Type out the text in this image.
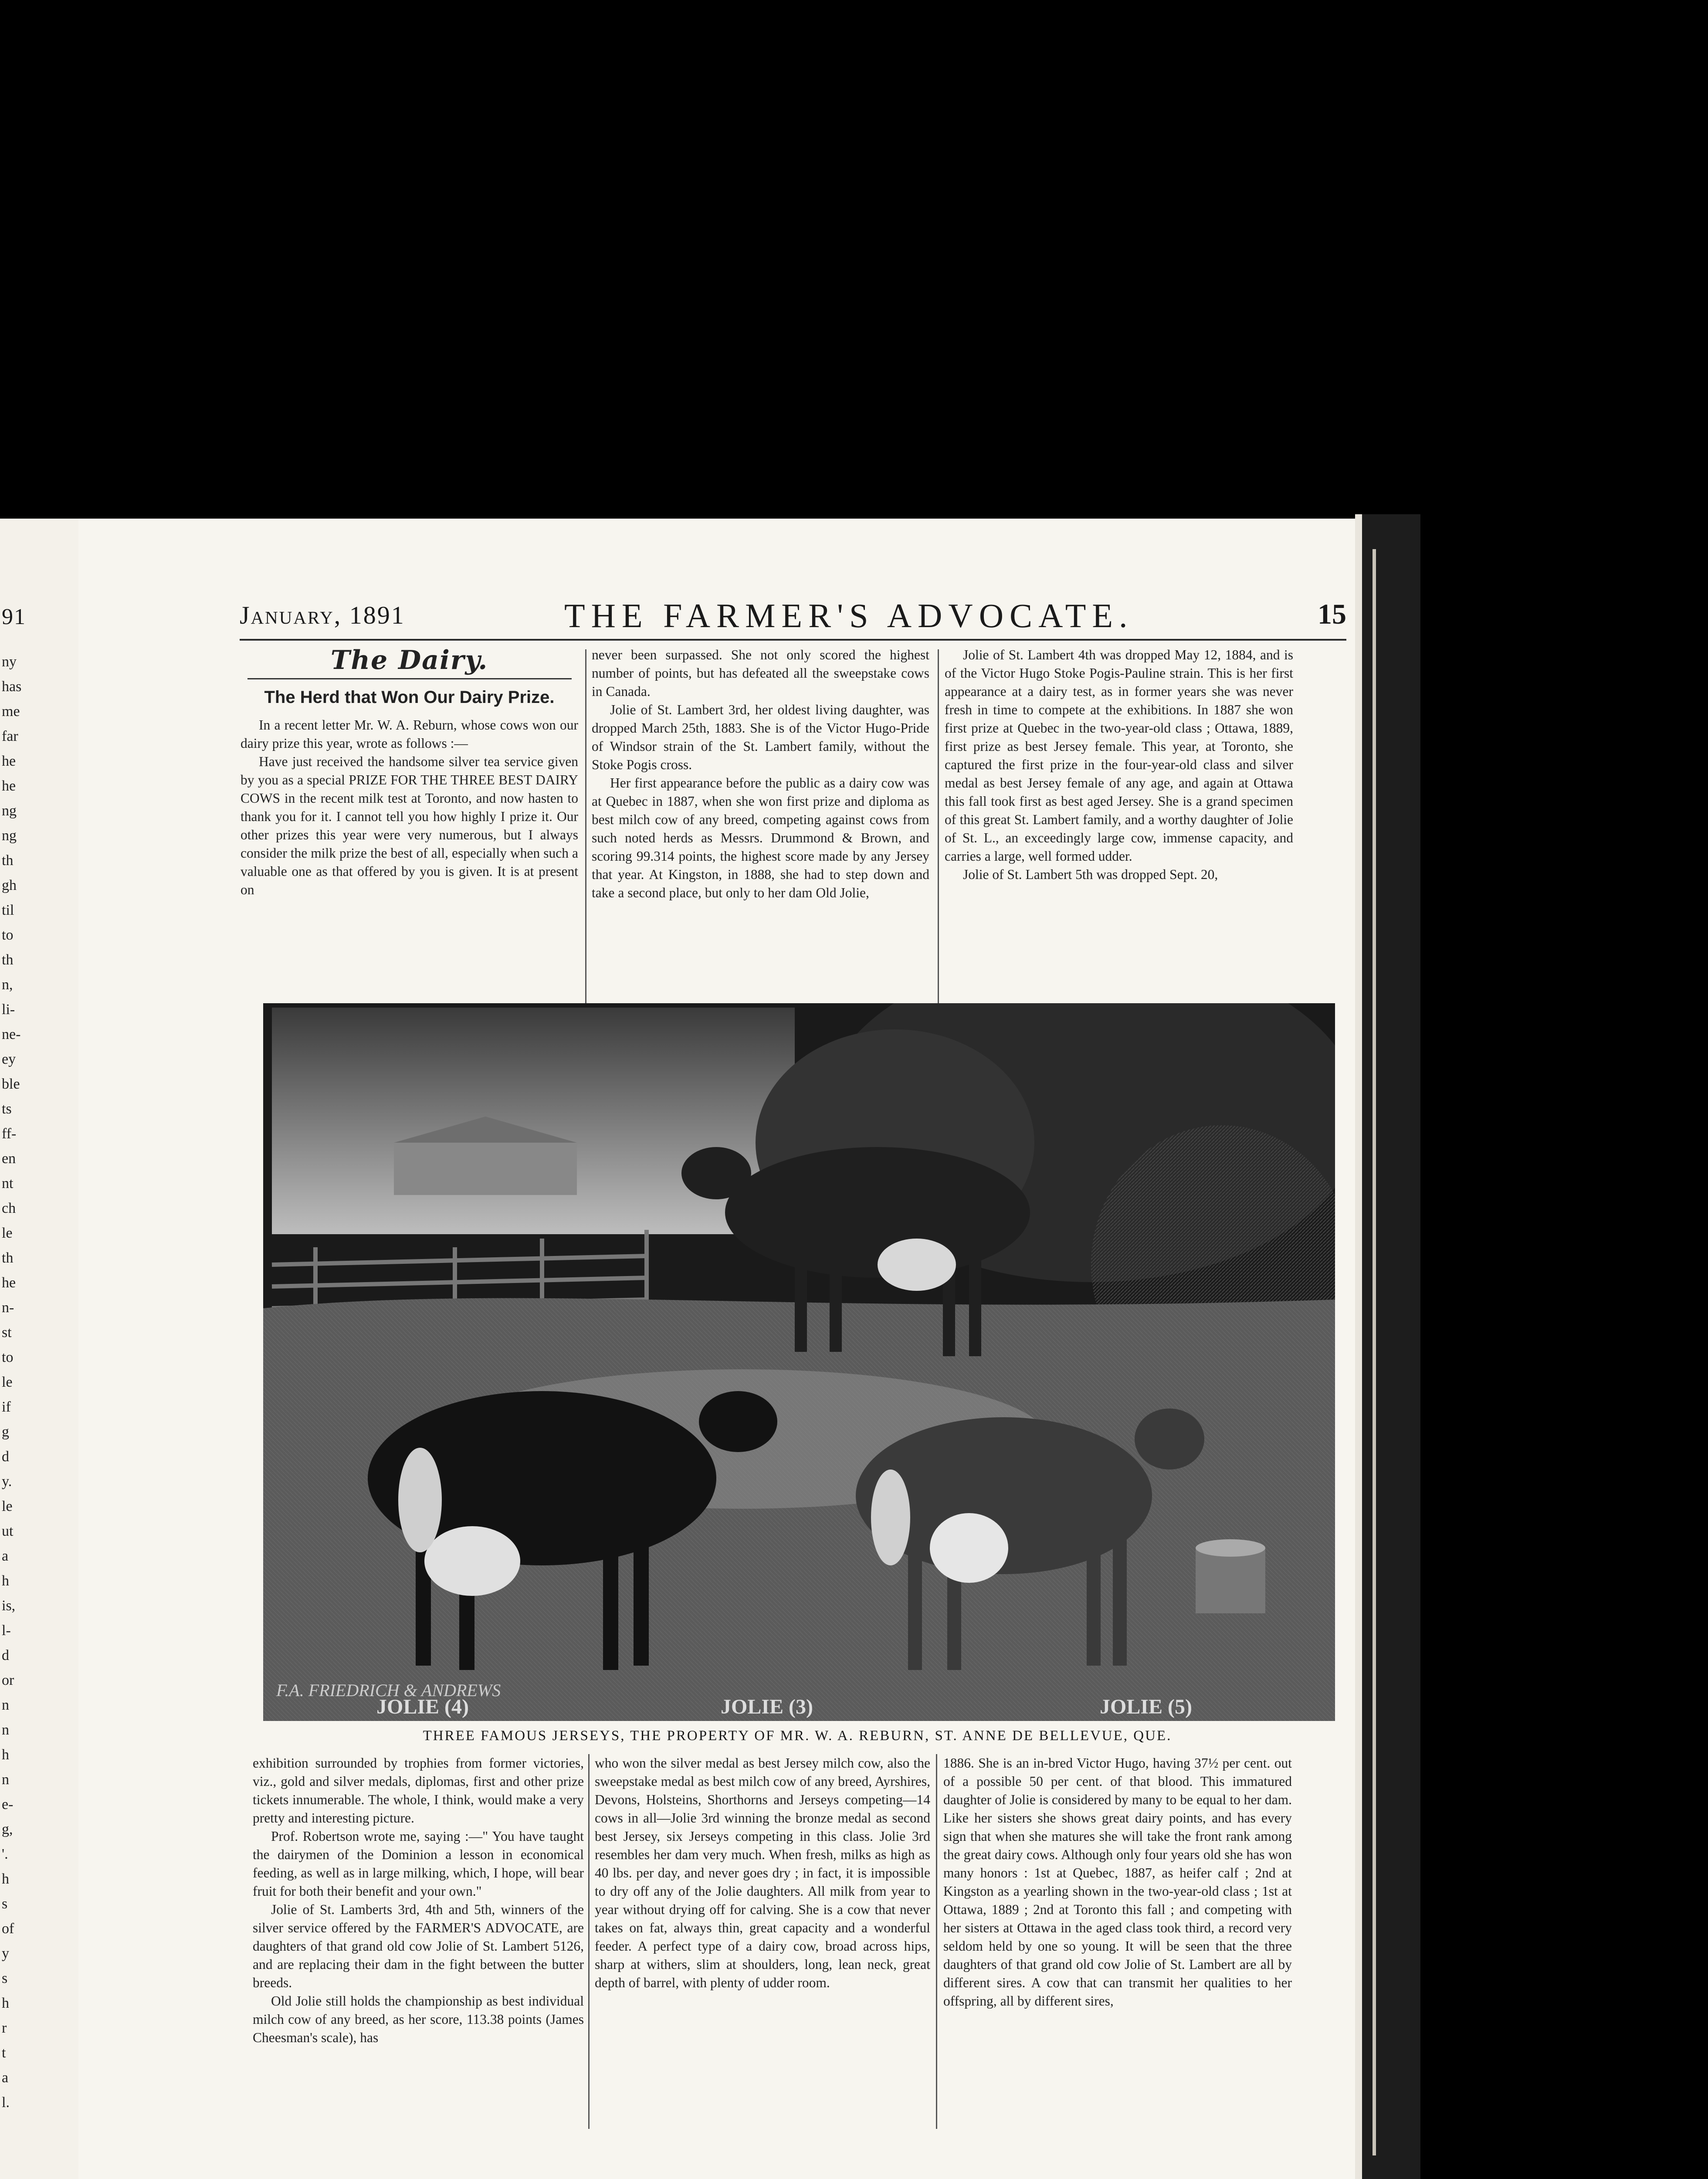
91
ny
has
me
far
he
he
ng
ng
th
gh
til
to
th
n,
li-
ne-
ey
ble
ts
ff-
en
nt
ch
le
th
he
n-
st
to
le
if
g
d
y.
le
ut
a
h
is,
l-
d
or
n
n
h
n
e-
g,
'.
h
s
of
y
s
h
r
t
a
l.
January, 1891	THE FARMER'S ADVOCATE.	15
The Dairy.
The Herd that Won Our Dairy Prize.

In a recent letter Mr. W. A. Reburn, whose cows won our dairy prize this year, wrote as follows :—

Have just received the handsome silver tea service given by you as a special PRIZE FOR THE THREE BEST DAIRY COWS in the recent milk test at Toronto, and now hasten to thank you for it. I cannot tell you how highly I prize it. Our other prizes this year were very numerous, but I always consider the milk prize the best of all, especially when such a valuable one as that offered by you is given. It is at present on

never been surpassed. She not only scored the highest number of points, but has defeated all the sweepstake cows in Canada.

Jolie of St. Lambert 3rd, her oldest living daughter, was dropped March 25th, 1883. She is of the Victor Hugo-Pride of Windsor strain of the St. Lambert family, without the Stoke Pogis cross.

Her first appearance before the public as a dairy cow was at Quebec in 1887, when she won first prize and diploma as best milch cow of any breed, competing against cows from such noted herds as Messrs. Drummond & Brown, and scoring 99.314 points, the highest score made by any Jersey that year. At Kingston, in 1888, she had to step down and take a second place, but only to her dam Old Jolie,

Jolie of St. Lambert 4th was dropped May 12, 1884, and is of the Victor Hugo Stoke Pogis-Pauline strain. This is her first appearance at a dairy test, as in former years she was never fresh in time to compete at the exhibitions. In 1887 she won first prize at Quebec in the two-year-old class ; Ottawa, 1889, first prize as best Jersey female. This year, at Toronto, she captured the first prize in the four-year-old class and silver medal as best Jersey female of any age, and again at Ottawa this fall took first as best aged Jersey. She is a grand specimen of this great St. Lambert family, and a worthy daughter of Jolie of St. L., an exceedingly large cow, immense capacity, and carries a large, well formed udder.

Jolie of St. Lambert 5th was dropped Sept. 20,

F.A. FRIEDRICH & ANDREWS
JOLIE (4)	JOLIE (3)	JOLIE (5)
THREE FAMOUS JERSEYS, THE PROPERTY OF MR. W. A. REBURN, ST. ANNE DE BELLEVUE, QUE.

exhibition surrounded by trophies from former victories, viz., gold and silver medals, diplomas, first and other prize tickets innumerable. The whole, I think, would make a very pretty and interesting picture.

Prof. Robertson wrote me, saying :—" You have taught the dairymen of the Dominion a lesson in economical feeding, as well as in large milking, which, I hope, will bear fruit for both their benefit and your own."

Jolie of St. Lamberts 3rd, 4th and 5th, winners of the silver service offered by the FARMER'S ADVOCATE, are daughters of that grand old cow Jolie of St. Lambert 5126, and are replacing their dam in the fight between the butter breeds.

Old Jolie still holds the championship as best individual milch cow of any breed, as her score, 113.38 points (James Cheesman's scale), has

who won the silver medal as best Jersey milch cow, also the sweepstake medal as best milch cow of any breed, Ayrshires, Devons, Holsteins, Shorthorns and Jerseys competing—14 cows in all—Jolie 3rd winning the bronze medal as second best Jersey, six Jerseys competing in this class. Jolie 3rd resembles her dam very much. When fresh, milks as high as 40 lbs. per day, and never goes dry ; in fact, it is impossible to dry off any of the Jolie daughters. All milk from year to year without drying off for calving. She is a cow that never takes on fat, always thin, great capacity and a wonderful feeder. A perfect type of a dairy cow, broad across hips, sharp at withers, slim at shoulders, long, lean neck, great depth of barrel, with plenty of udder room.

1886. She is an in-bred Victor Hugo, having 37½ per cent. out of a possible 50 per cent. of that blood. This immatured daughter of Jolie is considered by many to be equal to her dam. Like her sisters she shows great dairy points, and has every sign that when she matures she will take the front rank among the great dairy cows. Although only four years old she has won many honors : 1st at Quebec, 1887, as heifer calf ; 2nd at Kingston as a yearling shown in the two-year-old class ; 1st at Ottawa, 1889 ; 2nd at Toronto this fall ; and competing with her sisters at Ottawa in the aged class took third, a record very seldom held by one so young. It will be seen that the three daughters of that grand old cow Jolie of St. Lambert are all by different sires. A cow that can transmit her qualities to her offspring, all by different sires,
